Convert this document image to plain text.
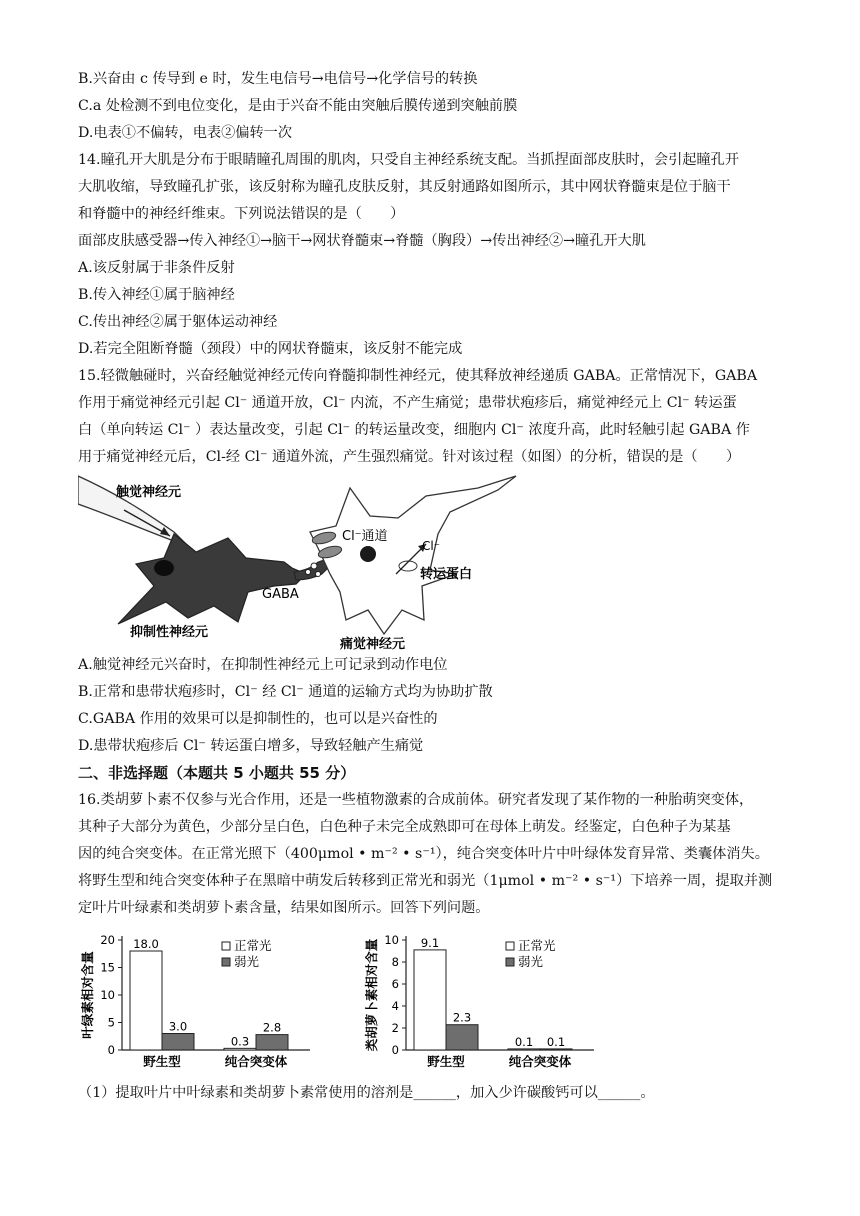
B.兴奋由 c 传导到 e 时，发生电信号→电信号→化学信号的转换
C.a 处检测不到电位变化，是由于兴奋不能由突触后膜传递到突触前膜
D.电表①不偏转，电表②偏转一次
14.瞳孔开大肌是分布于眼睛瞳孔周围的肌肉，只受自主神经系统支配。当抓捏面部皮肤时，会引起瞳孔开
大肌收缩，导致瞳孔扩张，该反射称为瞳孔皮肤反射，其反射通路如图所示，其中网状脊髓束是位于脑干
和脊髓中的神经纤维束。下列说法错误的是（　　）
面部皮肤感受器→传入神经①→脑干→网状脊髓束→脊髓（胸段）→传出神经②→瞳孔开大肌
A.该反射属于非条件反射
B.传入神经①属于脑神经
C.传出神经②属于躯体运动神经
D.若完全阻断脊髓（颈段）中的网状脊髓束，该反射不能完成
15.轻微触碰时，兴奋经触觉神经元传向脊髓抑制性神经元，使其释放神经递质 GABA。正常情况下，GABA
作用于痛觉神经元引起 Cl⁻ 通道开放，Cl⁻ 内流，不产生痛觉；患带状疱疹后，痛觉神经元上 Cl⁻ 转运蛋
白（单向转运 Cl⁻ ）表达量改变，引起 Cl⁻ 的转运量改变，细胞内 Cl⁻ 浓度升高，此时轻触引起 GABA 作
用于痛觉神经元后，Cl-经 Cl⁻ 通道外流，产生强烈痛觉。针对该过程（如图）的分析，错误的是（　　）
触觉神经元
Cl⁻通道
Cl⁻
转运蛋白
GABA
抑制性神经元
痛觉神经元
A.触觉神经元兴奋时，在抑制性神经元上可记录到动作电位
B.正常和患带状疱疹时，Cl⁻ 经 Cl⁻ 通道的运输方式均为协助扩散
C.GABA 作用的效果可以是抑制性的，也可以是兴奋性的
D.患带状疱疹后 Cl⁻ 转运蛋白增多，导致轻触产生痛觉
二、非选择题（本题共 5 小题共 55 分）
16.类胡萝卜素不仅参与光合作用，还是一些植物激素的合成前体。研究者发现了某作物的一种胎萌突变体，
其种子大部分为黄色，少部分呈白色，白色种子未完全成熟即可在母体上萌发。经鉴定，白色种子为某基
因的纯合突变体。在正常光照下（400μmol • m⁻² • s⁻¹），纯合突变体叶片中叶绿体发育异常、类囊体消失。
将野生型和纯合突变体种子在黑暗中萌发后转移到正常光和弱光（1μmol • m⁻² • s⁻¹）下培养一周，提取并测
定叶片叶绿素和类胡萝卜素含量，结果如图所示。回答下列问题。
叶绿素相对含量
0
5
10
15
20 18.0
3.0
野生型
0.3
2.8
纯合突变体
正常光
弱光	类胡萝卜素相对含量 0
2
4
6
8
10 9.1
2.3
野生型
0.1 0.1
纯合突变体
正常光
弱光
（1）提取叶片中叶绿素和类胡萝卜素常使用的溶剂是______，加入少许碳酸钙可以______。
